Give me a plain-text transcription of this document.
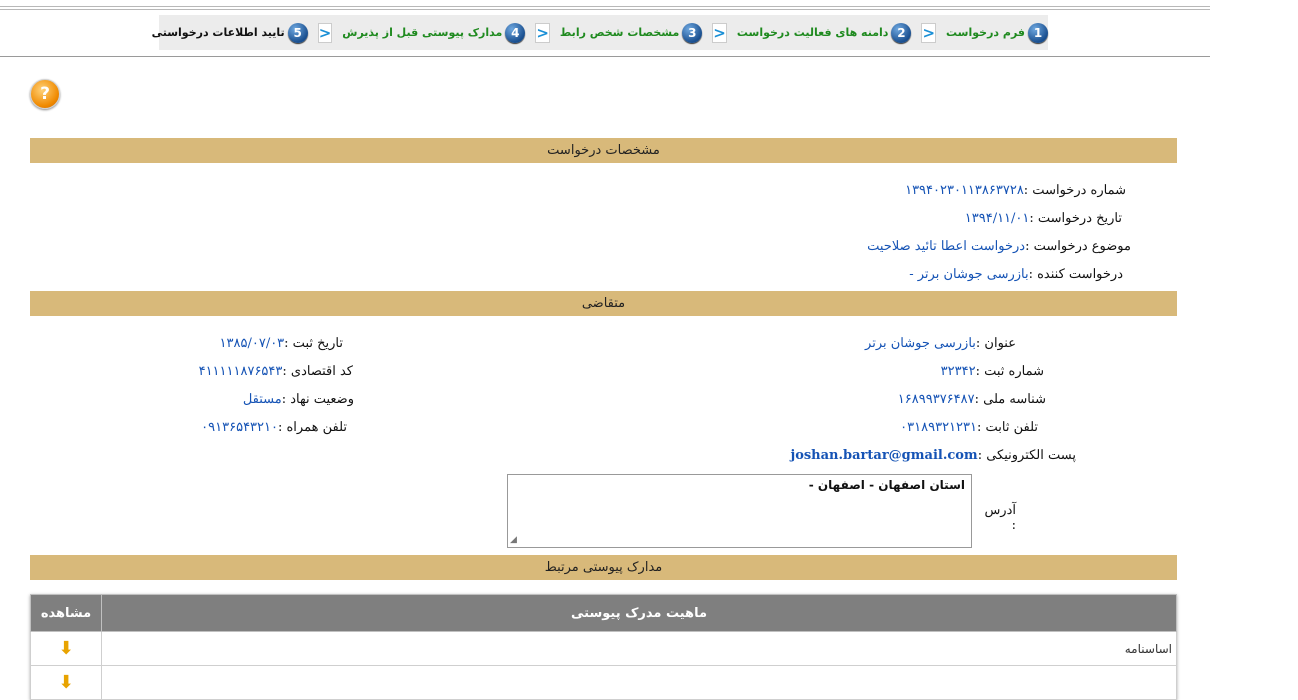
1
فرم درخواست
<
2
دامنه های فعالیت درخواست
<
3
مشخصات شخص رابط
<
4
مدارک پیوستی قبل از پذیرش
<
5
تایید اطلاعات درخواستی
?
مشخصات درخواست
شماره درخواست :۱۳۹۴۰۲۳۰۱۱۳۸۶۳۷۲۸
تاریخ درخواست :۱۳۹۴/۱۱/۰۱
موضوع درخواست :درخواست اعطا تائید صلاحیت
درخواست کننده :بازرسی جوشان برتر -
متقاضی
عنوان :بازرسی جوشان برتر
تاریخ ثبت :۱۳۸۵/۰۷/۰۳
شماره ثبت :۳۲۳۴۲
کد اقتصادی :۴۱۱۱۱۱۸۷۶۵۴۳
شناسه ملی :۱۶۸۹۹۳۷۶۴۸۷
وضعیت نهاد :مستقل
تلفن ثابت :۰۳۱۸۹۳۲۱۲۳۱
تلفن همراه :۰۹۱۳۶۵۴۳۲۱۰
پست الکترونیکی :joshan.bartar@gmail.com
آدرس :
استان اصفهان - اصفهان -
◢
مدارک پیوستی مرتبط
ماهیت مدرک پیوستی	مشاهده
اساسنامه	⬇
	⬇
